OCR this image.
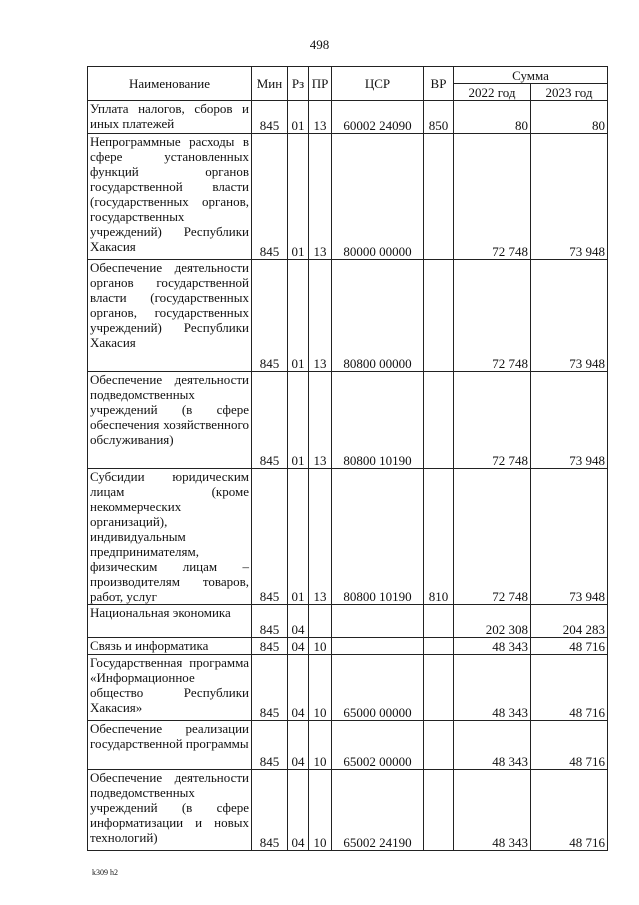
498
Наименование	Мин	Рз	ПР	ЦСР	ВР	Сумма	
						2022 год	2023 год
Уплата налогов, сборов и иных платежей	845	01	13	60002 24090	850	80	80
Непрограммные расходы в сфере установленных функций органов государственной власти (государственных органов, государственных учреждений) Республики Хакасия	845	01	13	80000 00000		72 748	73 948
Обеспечение деятельности органов государственной власти (государственных органов, государственных учреждений) Республики Хакасия	845	01	13	80800 00000		72 748	73 948
Обеспечение деятельности подведомственных учреждений (в сфере обеспечения хозяйственного обслуживания)	845	01	13	80800 10190		72 748	73 948
Субсидии юридическим лицам (кроме некоммерческих организаций), индивидуальным предпринимателям, физическим лицам – производителям товаров, работ, услуг	845	01	13	80800 10190	810	72 748	73 948
Национальная экономика	845	04				202 308	204 283
Связь и информатика	845	04	10			48 343	48 716
Государственная программа «Информационное общество Республики Хакасия»	845	04	10	65000 00000		48 343	48 716
Обеспечение реализации государственной программы	845	04	10	65002 00000		48 343	48 716
Обеспечение деятельности подведомственных учреждений (в сфере информатизации и новых технологий)	845	04	10	65002 24190		48 343	48 716
k309 h2
